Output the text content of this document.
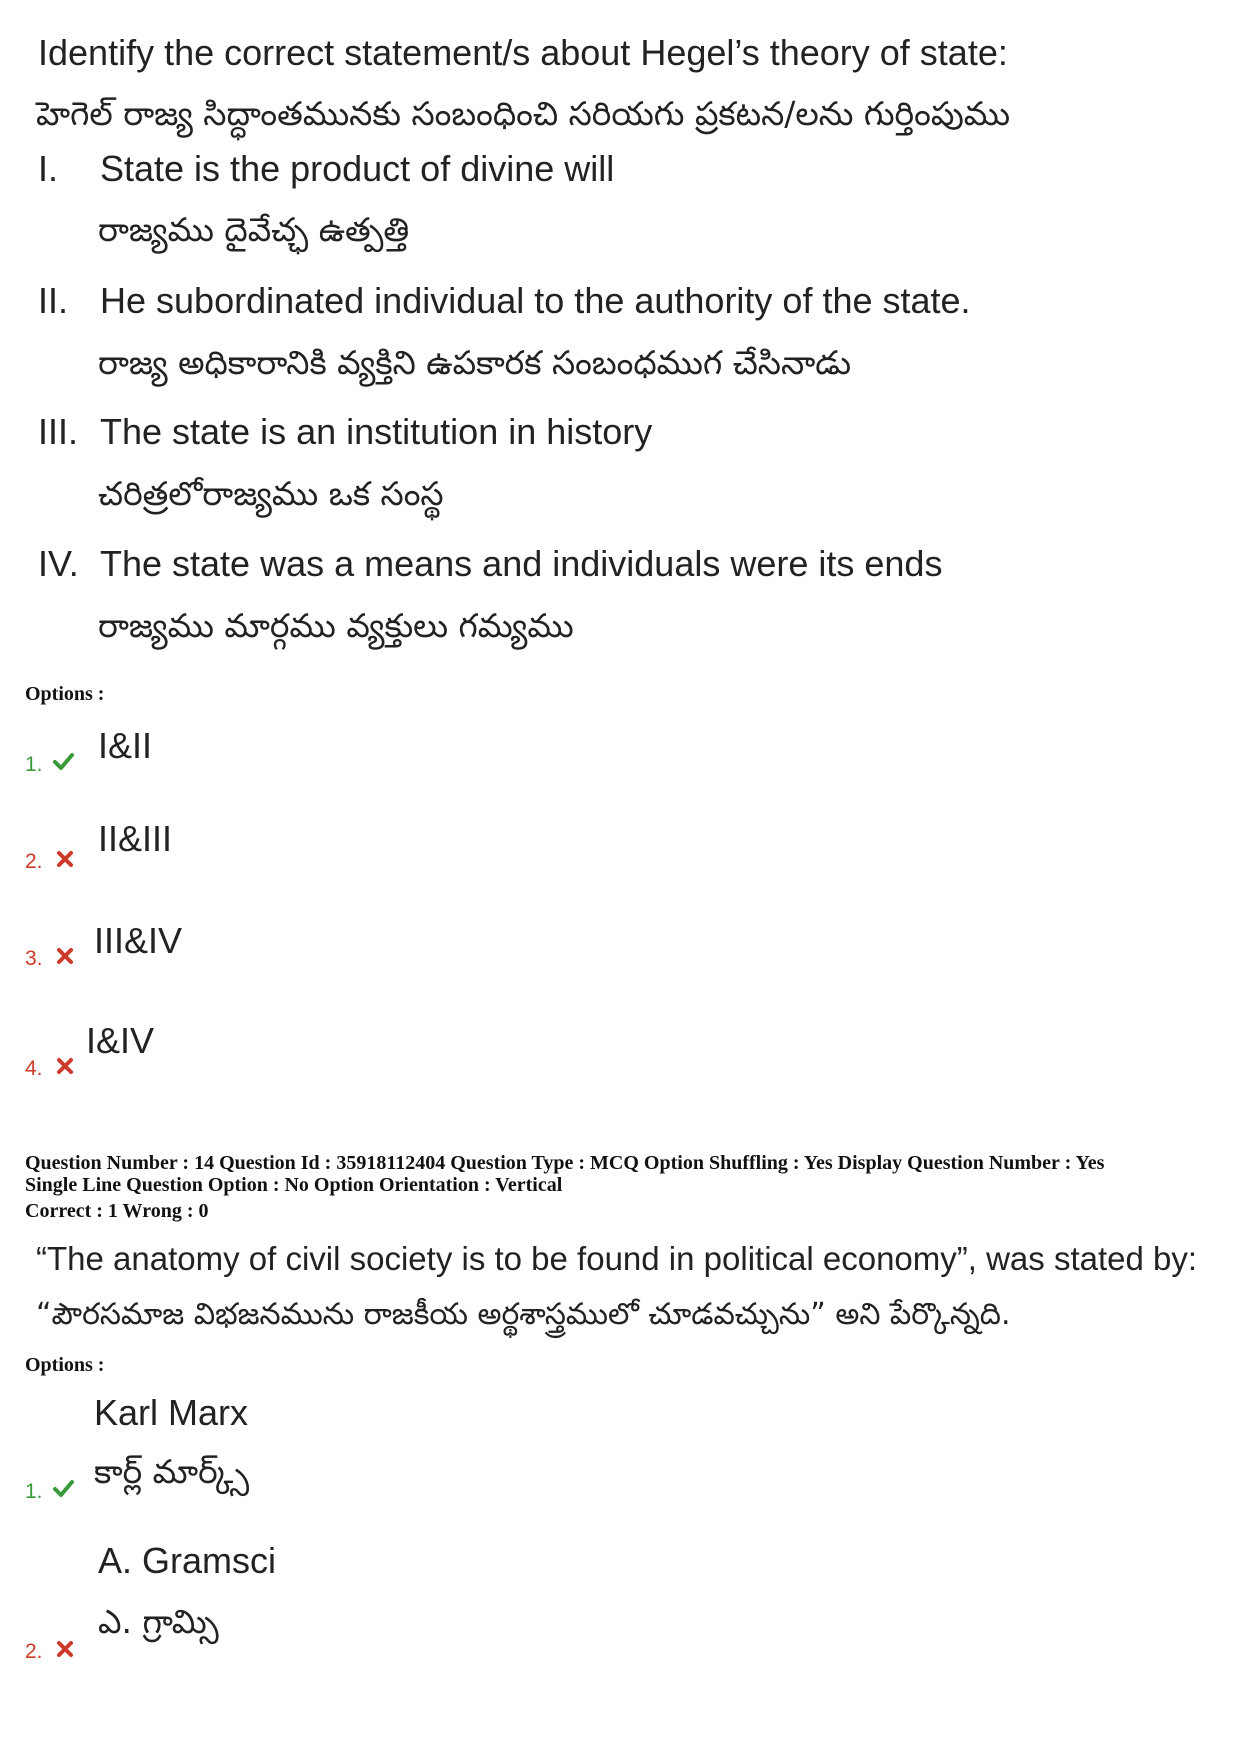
Identify the correct statement/s about Hegel’s theory of state:
హెగెల్ రాజ్య సిద్ధాంతమునకు సంబంధించి సరియగు ప్రకటన/లను గుర్తింపుము
I. State is the product of divine will
రాజ్యము దైవేచ్ఛ ఉత్పత్తి
II. He subordinated individual to the authority of the state.
రాజ్య అధికారానికి వ్యక్తిని ఉపకారక సంబంధముగ చేసినాడు
III. The state is an institution in history
చరిత్రలోరాజ్యము ఒక సంస్థ
IV. The state was a means and individuals were its ends
రాజ్యము మార్గము వ్యక్తులు గమ్యము
Options :
1. I&II
2.
II&III
3. III&IV
4.
I&IV
Question Number : 14 Question Id : 35918112404 Question Type : MCQ Option Shuffling : Yes Display Question Number : Yes
Single Line Question Option : No Option Orientation : Vertical
Correct : 1 Wrong : 0
“The anatomy of civil society is to be found in political economy”, was stated by:
“పౌరసమాజ విభజనమును రాజకీయ అర్థశాస్త్రములో చూడవచ్చును” అని పేర్కొన్నది.
Options :
Karl Marx
కార్ల్ మార్క్స్
1.
A. Gramsci
ఎ. గ్రామ్సి
2.
